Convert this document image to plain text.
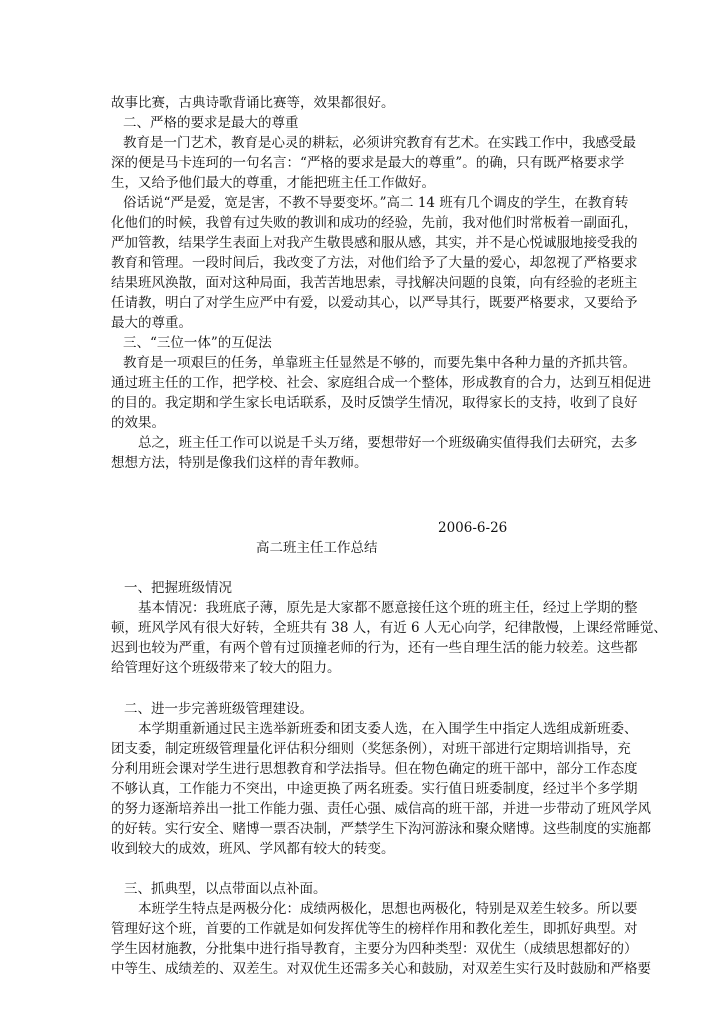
故事比赛，古典诗歌背诵比赛等，效果都很好。
二、严格的要求是最大的尊重
教育是一门艺术，教育是心灵的耕耘，必须讲究教育有艺术。在实践工作中，我感受最
深的便是马卡连珂的一句名言：“严格的要求是最大的尊重”。的确，只有既严格要求学
生，又给予他们最大的尊重，才能把班主任工作做好。
俗话说“严是爱，宽是害，不教不导要变坏。”高二 14 班有几个调皮的学生，在教育转
化他们的时候，我曾有过失败的教训和成功的经验，先前，我对他们时常板着一副面孔，
严加管教，结果学生表面上对我产生敬畏感和服从感，其实，并不是心悦诚服地接受我的
教育和管理。一段时间后，我改变了方法，对他们给予了大量的爱心，却忽视了严格要求
结果班风涣散，面对这种局面，我苦苦地思索，寻找解决问题的良策，向有经验的老班主
任请教，明白了对学生应严中有爱，以爱动其心，以严导其行，既要严格要求，又要给予
最大的尊重。
三、“三位一体”的互促法
教育是一项艰巨的任务，单靠班主任显然是不够的，而要先集中各种力量的齐抓共管。
通过班主任的工作，把学校、社会、家庭组合成一个整体，形成教育的合力，达到互相促进
的目的。我定期和学生家长电话联系，及时反馈学生情况，取得家长的支持，收到了良好
的效果。
总之，班主任工作可以说是千头万绪，要想带好一个班级确实值得我们去研究，去多
想想方法，特别是像我们这样的青年教师。
2006-6-26
高二班主任工作总结
一、把握班级情况
基本情况：我班底子薄，原先是大家都不愿意接任这个班的班主任，经过上学期的整
顿，班风学风有很大好转，全班共有 38 人，有近 6 人无心向学，纪律散慢，上课经常睡觉、
迟到也较为严重，有两个曾有过顶撞老师的行为，还有一些自理生活的能力较差。这些都
给管理好这个班级带来了较大的阻力。
二、进一步完善班级管理建设。
本学期重新通过民主选举新班委和团支委人选，在入围学生中指定人选组成新班委、
团支委，制定班级管理量化评估积分细则（奖惩条例），对班干部进行定期培训指导，充
分利用班会课对学生进行思想教育和学法指导。但在物色确定的班干部中，部分工作态度
不够认真，工作能力不突出，中途更换了两名班委。实行值日班委制度，经过半个多学期
的努力逐渐培养出一批工作能力强、责任心强、威信高的班干部，并进一步带动了班风学风
的好转。实行安全、赌博一票否决制，严禁学生下沟河游泳和聚众赌博。这些制度的实施都
收到较大的成效，班风、学风都有较大的转变。
三、抓典型，以点带面以点补面。
本班学生特点是两极分化：成绩两极化，思想也两极化，特别是双差生较多。所以要
管理好这个班，首要的工作就是如何发挥优等生的榜样作用和教化差生，即抓好典型。对
学生因材施教，分批集中进行指导教育，主要分为四种类型：双优生（成绩思想都好的）
中等生、成绩差的、双差生。对双优生还需多关心和鼓励，对双差生实行及时鼓励和严格要
